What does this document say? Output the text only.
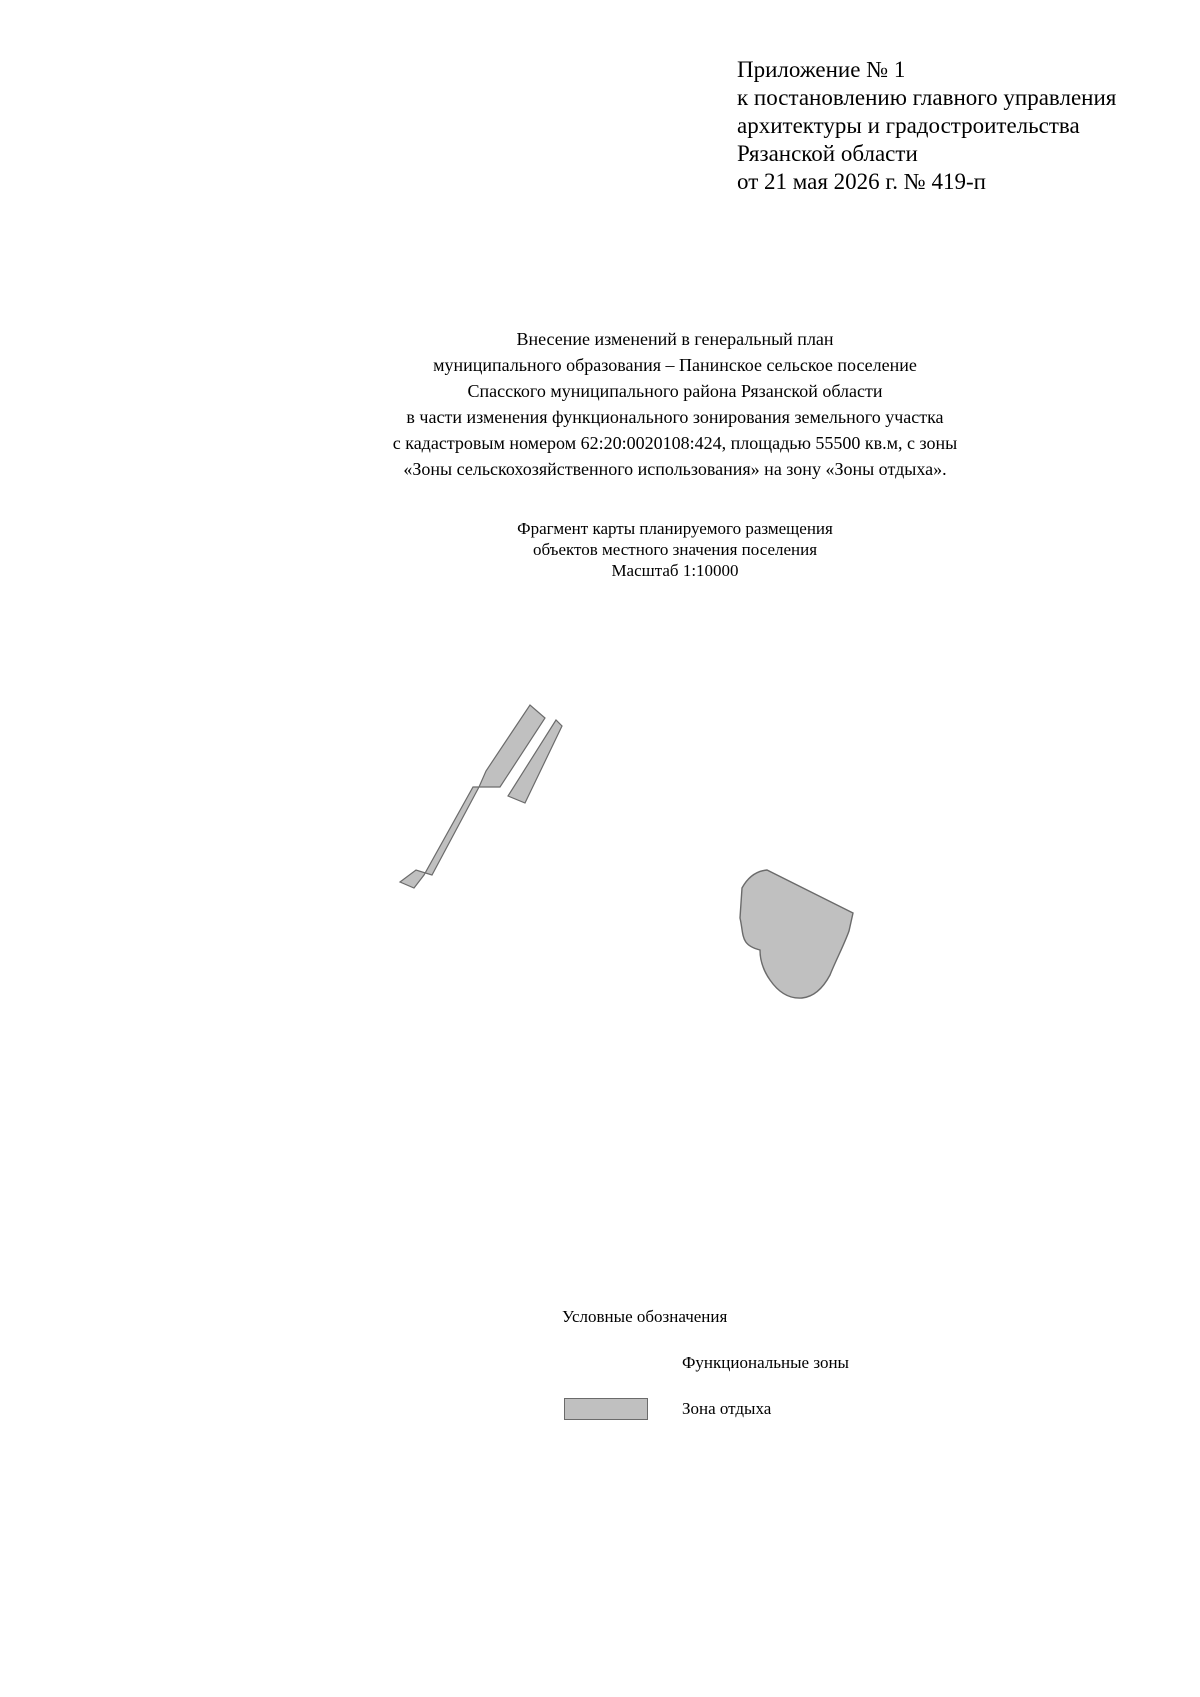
Приложение № 1
к постановлению главного управления
архитектуры и градостроительства
Рязанской области
от 21 мая 2026 г. № 419-п
Внесение изменений в генеральный план
муниципального образования – Панинское сельское поселение
Спасского муниципального района Рязанской области
в части изменения функционального зонирования земельного участка
с кадастровым номером 62:20:0020108:424, площадью 55500 кв.м, с зоны
«Зоны сельскохозяйственного использования» на зону «Зоны отдыха».
Фрагмент карты планируемого размещения
объектов местного значения поселения
Масштаб 1:10000
Условные обозначения
Функциональные зоны
Зона отдыха
